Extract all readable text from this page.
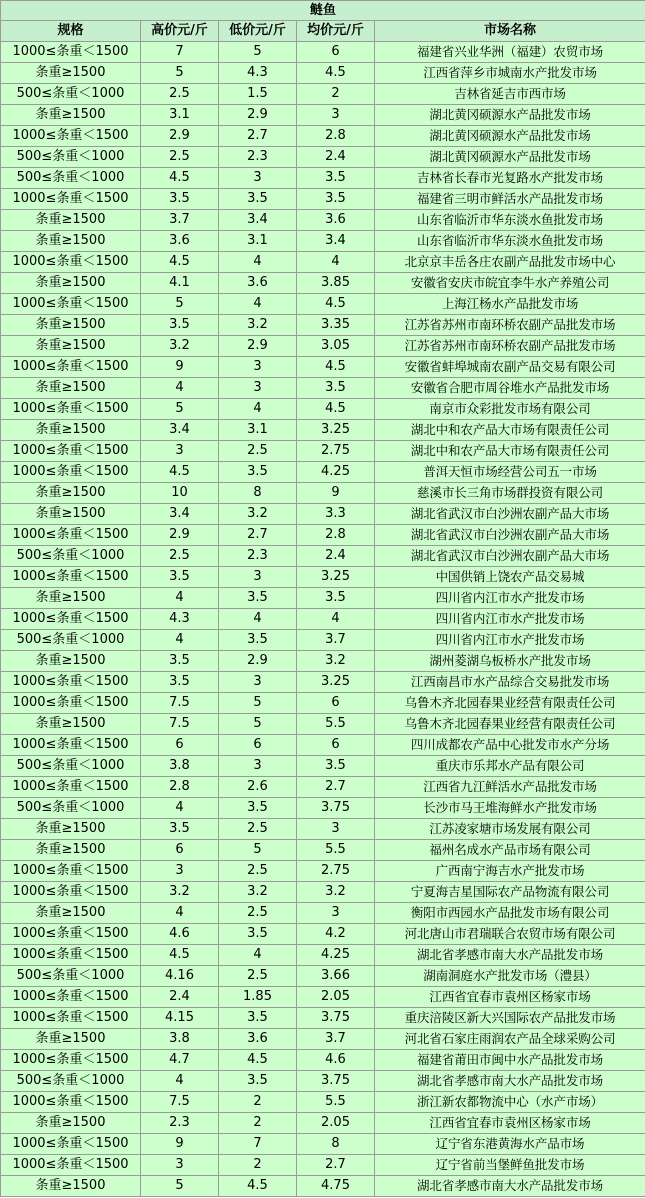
鲢鱼				
规格	高价元/斤	低价元/斤	均价元/斤	市场名称
1000≤条重＜1500	7	5	6	福建省兴业华洲（福建）农贸市场
条重≥1500	5	4.3	4.5	江西省萍乡市城南水产批发市场
500≤条重＜1000	2.5	1.5	2	吉林省延吉市西市场
条重≥1500	3.1	2.9	3	湖北黄冈硕源水产品批发市场
1000≤条重＜1500	2.9	2.7	2.8	湖北黄冈硕源水产品批发市场
500≤条重＜1000	2.5	2.3	2.4	湖北黄冈硕源水产品批发市场
500≤条重＜1000	4.5	3	3.5	吉林省长春市光复路水产批发市场
1000≤条重＜1500	3.5	3.5	3.5	福建省三明市鲜活水产品批发市场
条重≥1500	3.7	3.4	3.6	山东省临沂市华东淡水鱼批发市场
条重≥1500	3.6	3.1	3.4	山东省临沂市华东淡水鱼批发市场
1000≤条重＜1500	4.5	4	4	北京京丰岳各庄农副产品批发市场中心
条重≥1500	4.1	3.6	3.85	安徽省安庆市皖宜李牛水产养殖公司
1000≤条重＜1500	5	4	4.5	上海江杨水产品批发市场
条重≥1500	3.5	3.2	3.35	江苏省苏州市南环桥农副产品批发市场
条重≥1500	3.2	2.9	3.05	江苏省苏州市南环桥农副产品批发市场
1000≤条重＜1500	9	3	4.5	安徽省蚌埠城南农副产品交易有限公司
条重≥1500	4	3	3.5	安徽省合肥市周谷堆水产品批发市场
1000≤条重＜1500	5	4	4.5	南京市众彩批发市场有限公司
条重≥1500	3.4	3.1	3.25	湖北中和农产品大市场有限责任公司
1000≤条重＜1500	3	2.5	2.75	湖北中和农产品大市场有限责任公司
1000≤条重＜1500	4.5	3.5	4.25	普洱天恒市场经营公司五一市场
条重≥1500	10	8	9	慈溪市长三角市场群投资有限公司
条重≥1500	3.4	3.2	3.3	湖北省武汉市白沙洲农副产品大市场
1000≤条重＜1500	2.9	2.7	2.8	湖北省武汉市白沙洲农副产品大市场
500≤条重＜1000	2.5	2.3	2.4	湖北省武汉市白沙洲农副产品大市场
1000≤条重＜1500	3.5	3	3.25	中国供销上饶农产品交易城
条重≥1500	4	3.5	3.5	四川省内江市水产批发市场
1000≤条重＜1500	4.3	4	4	四川省内江市水产批发市场
500≤条重＜1000	4	3.5	3.7	四川省内江市水产批发市场
条重≥1500	3.5	2.9	3.2	湖州菱湖乌板桥水产批发市场
1000≤条重＜1500	3.5	3	3.25	江西南昌市水产品综合交易批发市场
1000≤条重＜1500	7.5	5	6	乌鲁木齐北园春果业经营有限责任公司
条重≥1500	7.5	5	5.5	乌鲁木齐北园春果业经营有限责任公司
1000≤条重＜1500	6	6	6	四川成都农产品中心批发市水产分场
500≤条重＜1000	3.8	3	3.5	重庆市乐邦水产品有限公司
1000≤条重＜1500	2.8	2.6	2.7	江西省九江鲜活水产品批发市场
500≤条重＜1000	4	3.5	3.75	长沙市马王堆海鲜水产批发市场
条重≥1500	3.5	2.5	3	江苏凌家塘市场发展有限公司
条重≥1500	6	5	5.5	福州名成水产品市场有限公司
1000≤条重＜1500	3	2.5	2.75	广西南宁海吉水产批发市场
1000≤条重＜1500	3.2	3.2	3.2	宁夏海吉星国际农产品物流有限公司
条重≥1500	4	2.5	3	衡阳市西园水产品批发市场有限公司
1000≤条重＜1500	4.6	3.5	4.2	河北唐山市君瑞联合农贸市场有限公司
1000≤条重＜1500	4.5	4	4.25	湖北省孝感市南大水产品批发市场
500≤条重＜1000	4.16	2.5	3.66	湖南洞庭水产批发市场（澧县）
1000≤条重＜1500	2.4	1.85	2.05	江西省宜春市袁州区杨家市场
1000≤条重＜1500	4.15	3.5	3.75	重庆涪陵区新大兴国际农产品批发市场
条重≥1500	3.8	3.6	3.7	河北省石家庄雨润农产品全球采购公司
1000≤条重＜1500	4.7	4.5	4.6	福建省莆田市闽中水产品批发市场
500≤条重＜1000	4	3.5	3.75	湖北省孝感市南大水产品批发市场
1000≤条重＜1500	7.5	2	5.5	浙江新农都物流中心（水产市场）
条重≥1500	2.3	2	2.05	江西省宜春市袁州区杨家市场
1000≤条重＜1500	9	7	8	辽宁省东港黄海水产品市场
1000≤条重＜1500	3	2	2.7	辽宁省前当堡鲜鱼批发市场
条重≥1500	5	4.5	4.75	湖北省孝感市南大水产品批发市场
